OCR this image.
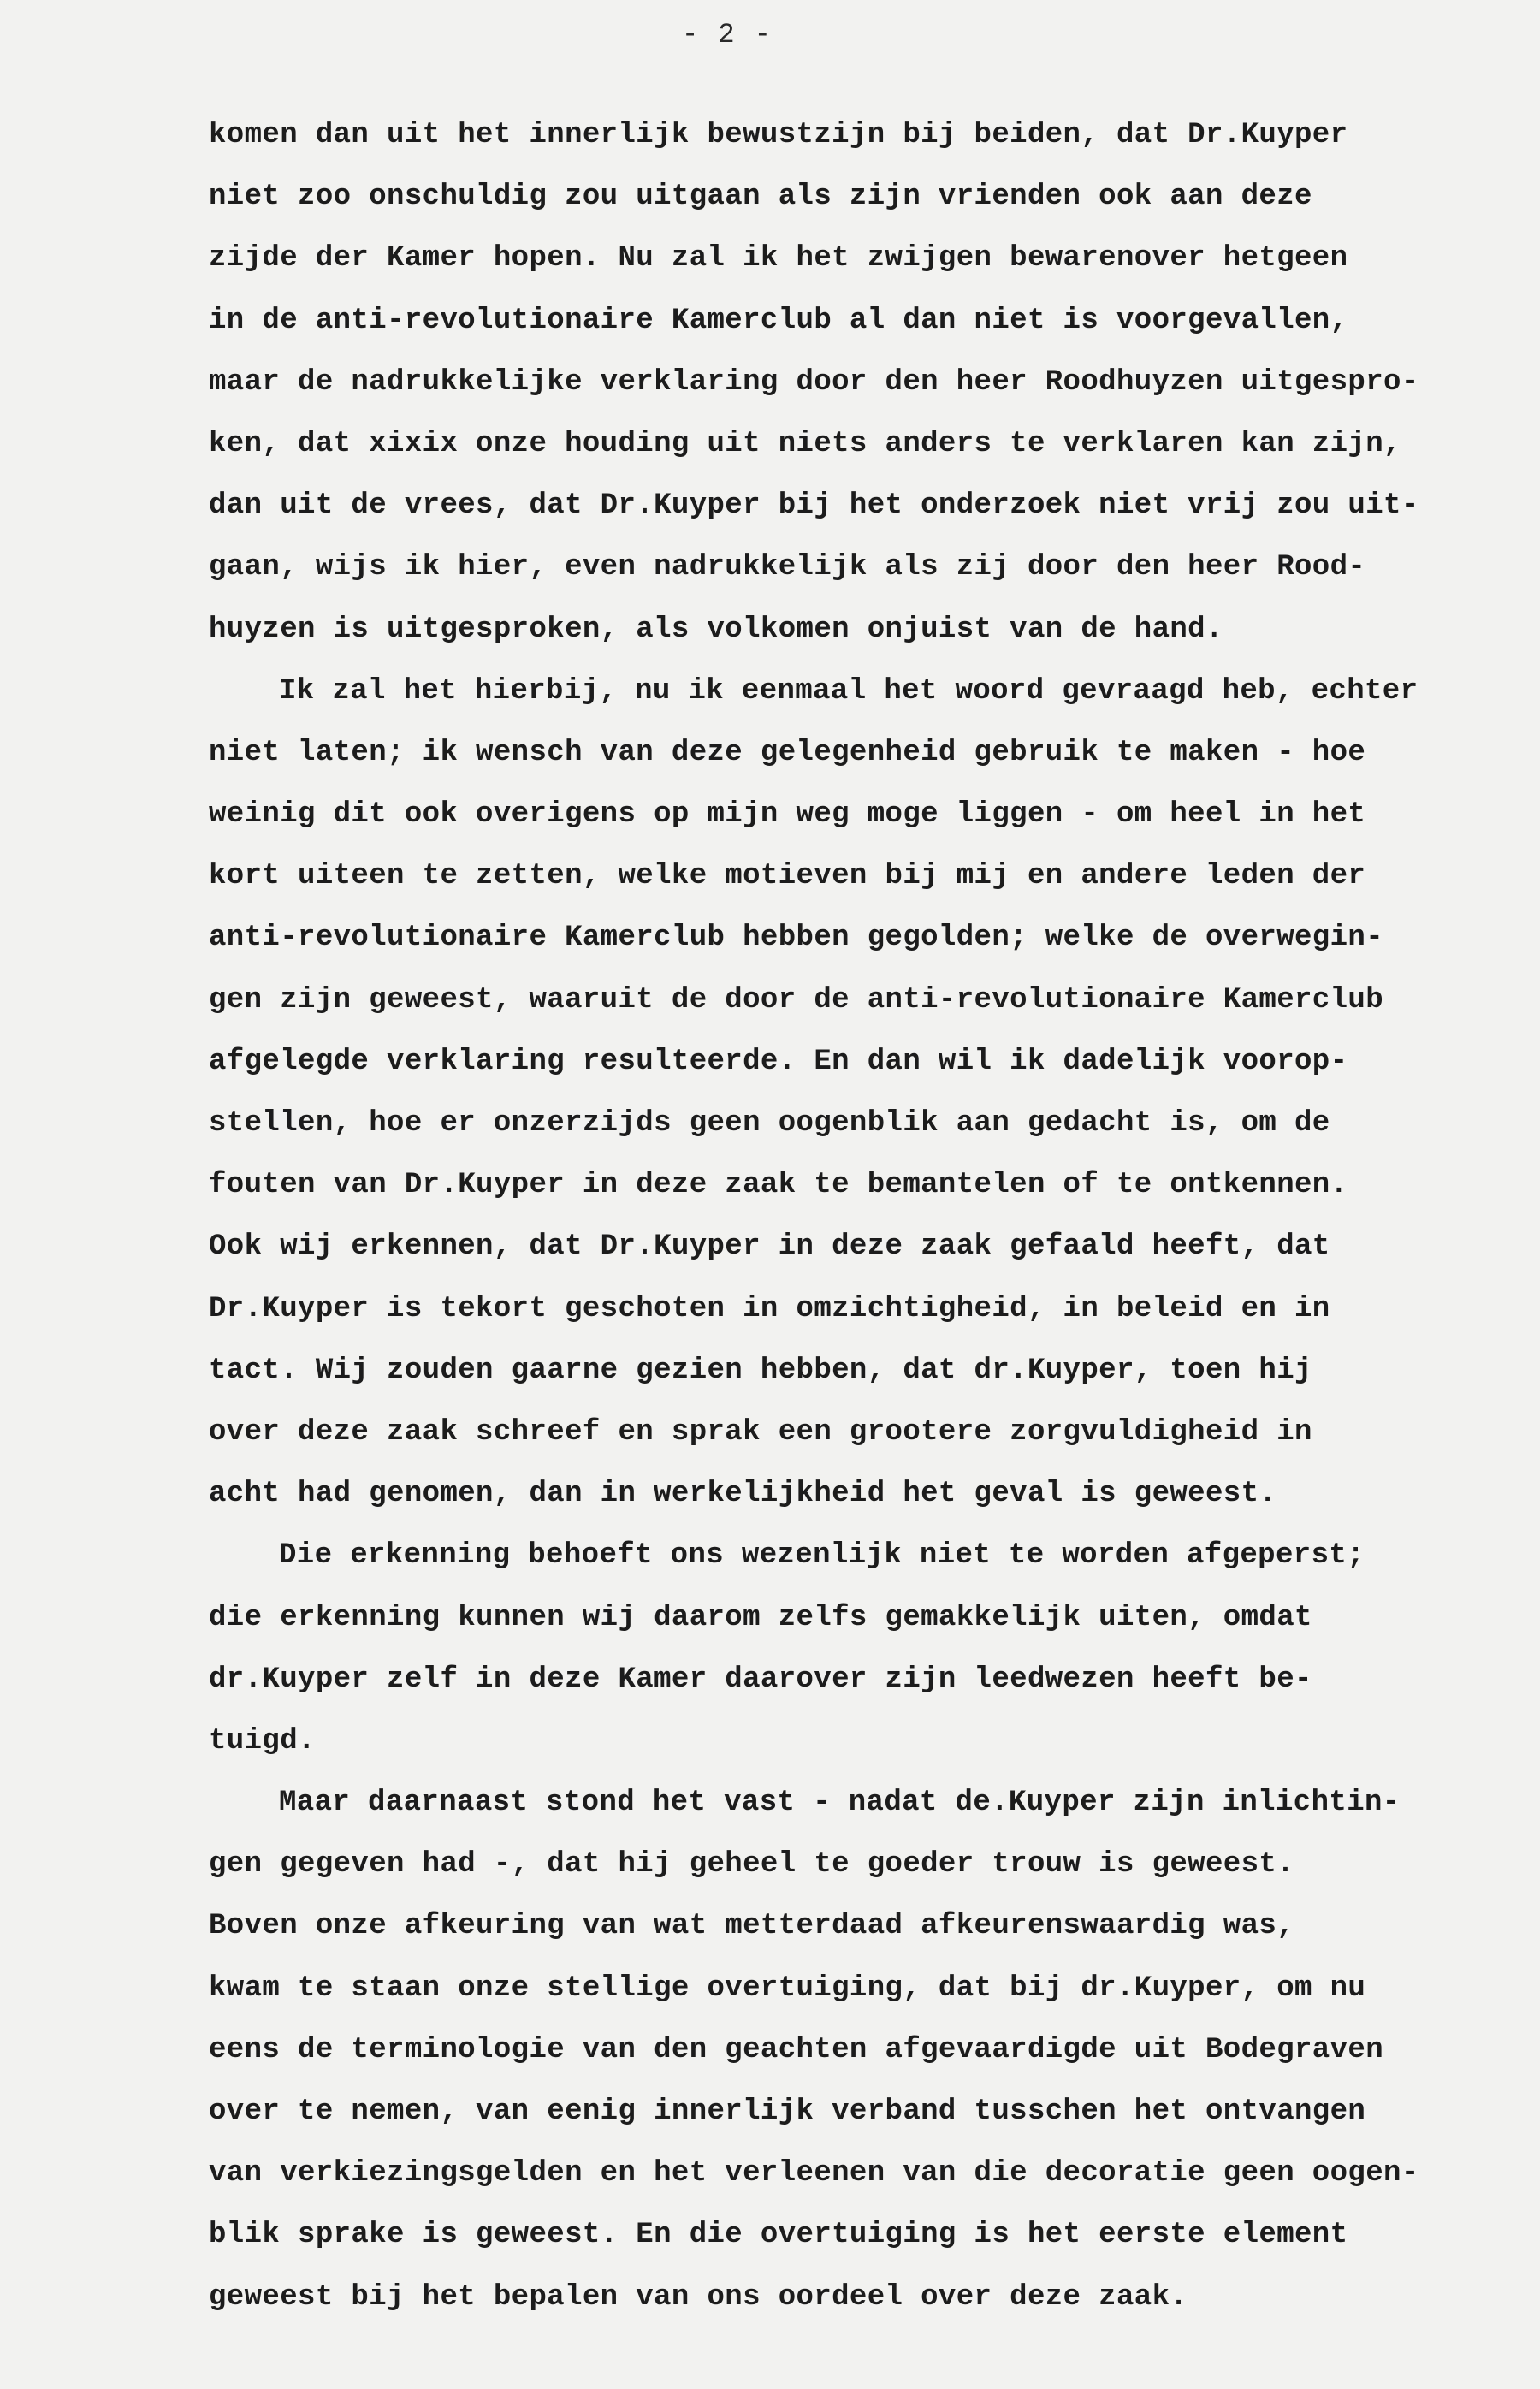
- 2 -
komen dan uit het innerlijk bewustzijn bij beiden, dat Dr.Kuyper
niet zoo onschuldig zou uitgaan als zijn vrienden ook aan deze
zijde der Kamer hopen. Nu zal ik het zwijgen bewarenover hetgeen
in de anti-revolutionaire Kamerclub al dan niet is voorgevallen,
maar de nadrukkelijke verklaring door den heer Roodhuyzen uitgespro-
ken, dat xixix onze houding uit niets anders te verklaren kan zijn,
dan uit de vrees, dat Dr.Kuyper bij het onderzoek niet vrij zou uit-
gaan, wijs ik hier, even nadrukkelijk als zij door den heer Rood-
huyzen is uitgesproken, als volkomen onjuist van de hand.
Ik zal het hierbij, nu ik eenmaal het woord gevraagd heb, echter
niet laten; ik wensch van deze gelegenheid gebruik te maken - hoe
weinig dit ook overigens op mijn weg moge liggen - om heel in het
kort uiteen te zetten, welke motieven bij mij en andere leden der
anti-revolutionaire Kamerclub hebben gegolden; welke de overwegin-
gen zijn geweest, waaruit de door de anti-revolutionaire Kamerclub
afgelegde verklaring resulteerde. En dan wil ik dadelijk voorop-
stellen, hoe er onzerzijds geen oogenblik aan gedacht is, om de
fouten van Dr.Kuyper in deze zaak te bemantelen of te ontkennen.
Ook wij erkennen, dat Dr.Kuyper in deze zaak gefaald heeft, dat
Dr.Kuyper is tekort geschoten in omzichtigheid, in beleid en in
tact. Wij zouden gaarne gezien hebben, dat dr.Kuyper, toen hij
over deze zaak schreef en sprak een grootere zorgvuldigheid in
acht had genomen, dan in werkelijkheid het geval is geweest.
Die erkenning behoeft ons wezenlijk niet te worden afgeperst;
die erkenning kunnen wij daarom zelfs gemakkelijk uiten, omdat
dr.Kuyper zelf in deze Kamer daarover zijn leedwezen heeft be-
tuigd.
Maar daarnaast stond het vast - nadat de.Kuyper zijn inlichtin-
gen gegeven had -, dat hij geheel te goeder trouw is geweest.
Boven onze afkeuring van wat metterdaad afkeurenswaardig was,
kwam te staan onze stellige overtuiging, dat bij dr.Kuyper, om nu
eens de terminologie van den geachten afgevaardigde uit Bodegraven
over te nemen, van eenig innerlijk verband tusschen het ontvangen
van verkiezingsgelden en het verleenen van die decoratie geen oogen-
blik sprake is geweest. En die overtuiging is het eerste element
geweest bij het bepalen van ons oordeel over deze zaak.
